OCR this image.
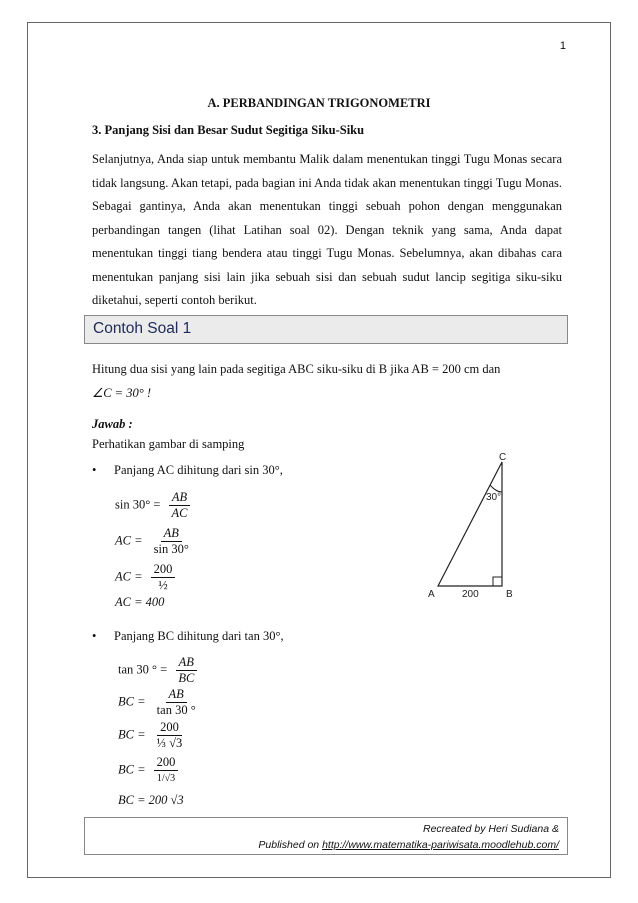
1
A. PERBANDINGAN TRIGONOMETRI
3. Panjang Sisi dan Besar Sudut Segitiga Siku-Siku

Selanjutnya, Anda siap untuk membantu Malik dalam menentukan tinggi Tugu Monas secara tidak langsung. Akan tetapi, pada bagian ini Anda tidak akan menentukan tinggi Tugu Monas. Sebagai gantinya, Anda akan menentukan tinggi sebuah pohon dengan menggunakan perbandingan tangen (lihat Latihan soal 02). Dengan teknik yang sama, Anda dapat menentukan tinggi tiang bendera atau tinggi Tugu Monas. Sebelumnya, akan dibahas cara menentukan panjang sisi lain jika sebuah sisi dan sebuah sudut lancip segitiga siku-siku diketahui, seperti contoh berikut.

Contoh Soal 1

Hitung dua sisi yang lain pada segitiga ABC siku-siku di B jika AB = 200 cm dan
∠C = 30° !

Jawab :
Perhatikan gambar di samping
• Panjang AC dihitung dari sin 30°,
$\sin 30^\circ = \frac{AB}{AC}$
AC = $\frac{AB}{\sin 30^\circ}$
AC = $\frac{200}{\text{½}}$
AC = 400
C
A	B
30°
200
• Panjang BC dihitung dari tan 30°,
tan 30 ° = $\frac{AB}{BC}$
BC = $\frac{AB}{\tan 30 ^\circ}$
BC = $\frac{200}{\text{⅓ √3}}$
BC = $\frac{200}{1/√3}$
BC = 200 √3
Recreated by Heri Sudiana &
Published on http://www.matematika-pariwisata.moodlehub.com/
